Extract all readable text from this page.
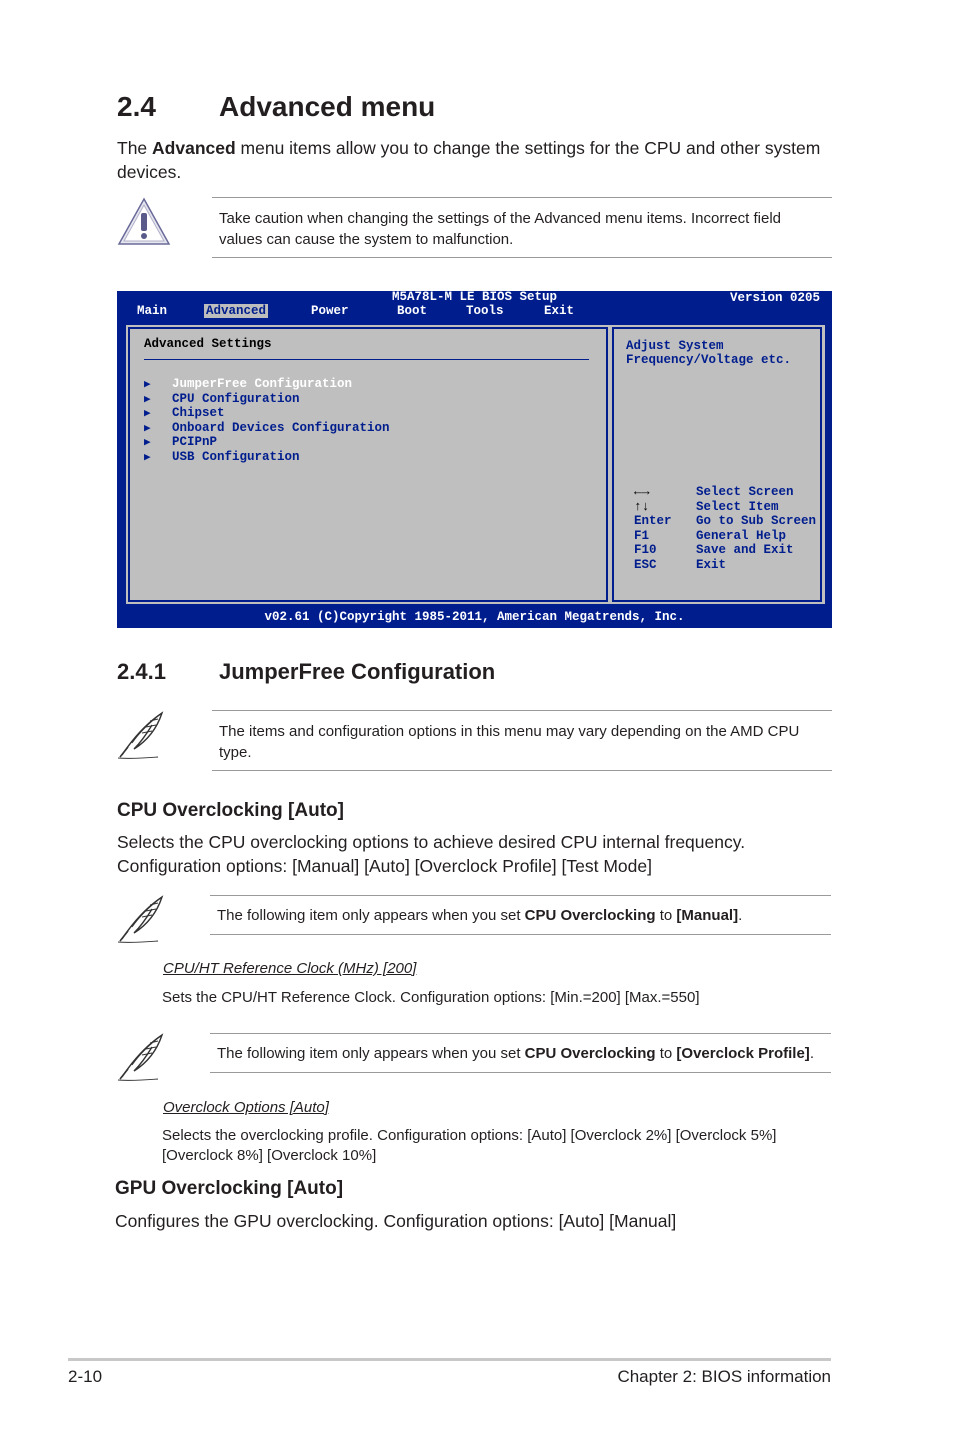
2.4 Advanced menu
The Advanced menu items allow you to change the settings for the CPU and other system devices.
Take caution when changing the settings of the Advanced menu items. Incorrect field values can cause the system to malfunction.
M5A78L-M LE BIOS Setup	Version 0205
Main	Advanced	Power	Boot	Tools	Exit
Advanced Settings
▶ JumperFree Configuration
▶ CPU Configuration
▶ Chipset
▶ Onboard Devices Configuration
▶ PCIPnP
▶ USB Configuration
Adjust System
Frequency/Voltage etc.
←→	Select Screen
↑↓	Select Item
Enter Go to Sub Screen
F1	General Help
F10	Save and Exit
ESC	Exit
v02.61 (C)Copyright 1985-2011, American Megatrends, Inc.
2.4.1 JumperFree Configuration
The items and configuration options in this menu may vary depending on the AMD CPU type.
CPU Overclocking [Auto]
Selects the CPU overclocking options to achieve desired CPU internal frequency.
Configuration options: [Manual] [Auto] [Overclock Profile] [Test Mode]
The following item only appears when you set CPU Overclocking to [Manual].
CPU/HT Reference Clock (MHz) [200]
Sets the CPU/HT Reference Clock. Configuration options: [Min.=200] [Max.=550]
The following item only appears when you set CPU Overclocking to [Overclock Profile].
Overclock Options [Auto]
Selects the overclocking profile. Configuration options: [Auto] [Overclock 2%] [Overclock 5%]
[Overclock 8%] [Overclock 10%]
GPU Overclocking [Auto]
Configures the GPU overclocking. Configuration options: [Auto] [Manual]
2-10	Chapter 2: BIOS information
